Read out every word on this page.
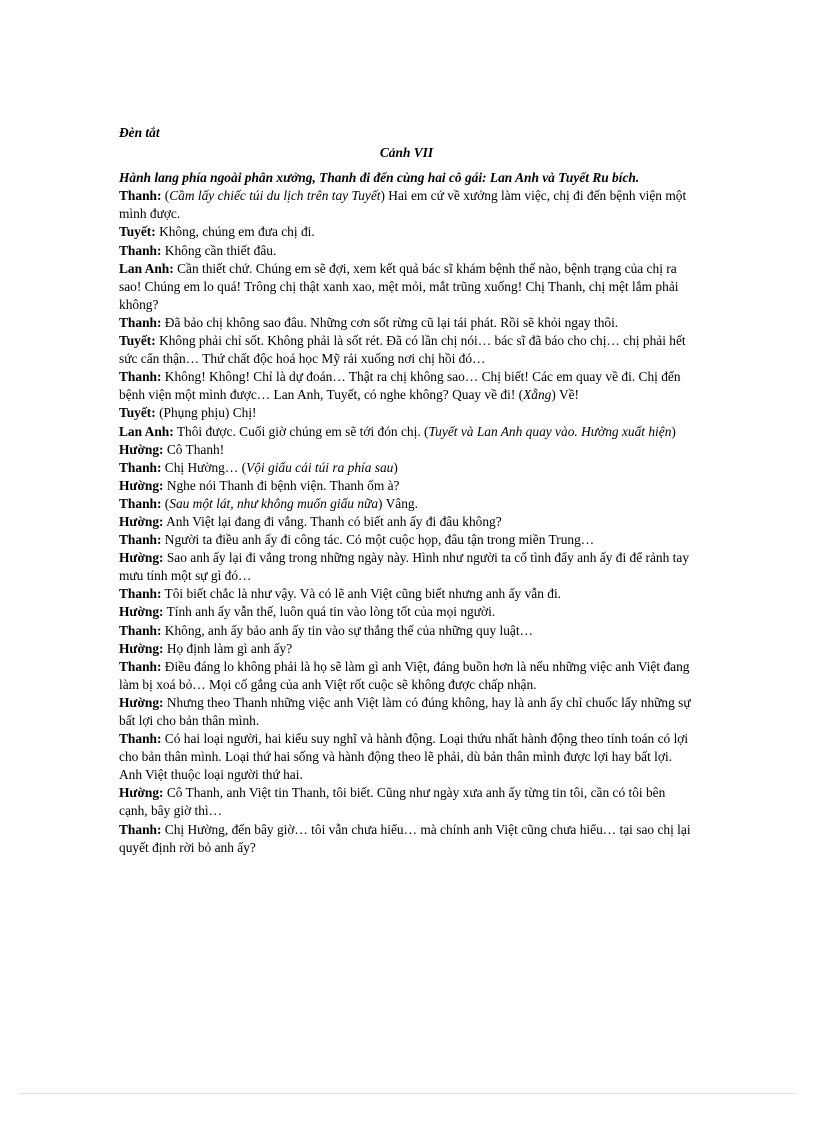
Đèn tắt

Cảnh VII

Hành lang phía ngoài phân xưởng, Thanh đi đến cùng hai cô gái: Lan Anh và Tuyết Ru bích.

Thanh: (Cầm lấy chiếc túi du lịch trên tay Tuyết) Hai em cứ về xưởng làm việc, chị đi đến bệnh viện một mình được.

Tuyết: Không, chúng em đưa chị đi.

Thanh: Không cần thiết đâu.

Lan Anh: Cần thiết chứ. Chúng em sẽ đợi, xem kết quả bác sĩ khám bệnh thế nào, bệnh trạng của chị ra sao! Chúng em lo quá! Trông chị thật xanh xao, mệt mỏi, mắt trũng xuống! Chị Thanh, chị mệt lắm phải không?

Thanh: Đã bảo chị không sao đâu. Những cơn sốt rừng cũ lại tái phát. Rồi sẽ khỏi ngay thôi.

Tuyết: Không phải chỉ sốt. Không phải là sốt rét. Đã có lần chị nói… bác sĩ đã báo cho chị… chị phải hết sức cẩn thận… Thứ chất độc hoá học Mỹ rải xuống nơi chị hồi đó…

Thanh: Không! Không! Chỉ là dự đoán… Thật ra chị không sao… Chị biết! Các em quay về đi. Chị đến bệnh viện một mình được… Lan Anh, Tuyết, có nghe không? Quay về đi! (Xẵng) Về!

Tuyết: (Phụng phịu) Chị!

Lan Anh: Thôi được. Cuối giờ chúng em sẽ tới đón chị. (Tuyết và Lan Anh quay vào. Hường xuất hiện)

Hường: Cô Thanh!

Thanh: Chị Hường… (Vội giấu cái túi ra phía sau)

Hường: Nghe nói Thanh đi bệnh viện. Thanh ốm à?

Thanh: (Sau một lát, như không muốn giấu nữa) Vâng.

Hường: Anh Việt lại đang đi vắng. Thanh có biết anh ấy đi đâu không?

Thanh: Người ta điều anh ấy đi công tác. Có một cuộc họp, đâu tận trong miền Trung…

Hường: Sao anh ấy lại đi vắng trong những ngày này. Hình như người ta cố tình đẩy anh ấy đi để rảnh tay mưu tính một sự gì đó…

Thanh: Tôi biết chắc là như vậy. Và có lẽ anh Việt cũng biết nhưng anh ấy vẫn đi.

Hường: Tính anh ấy vẫn thế, luôn quá tin vào lòng tốt của mọi người.

Thanh: Không, anh ấy bảo anh ấy tin vào sự thắng thế của những quy luật…

Hường: Họ định làm gì anh ấy?

Thanh: Điều đáng lo không phải là họ sẽ làm gì anh Việt, đáng buồn hơn là nếu những việc anh Việt đang làm bị xoá bỏ… Mọi cố gắng của anh Việt rốt cuộc sẽ không được chấp nhận.

Hường: Nhưng theo Thanh những việc anh Việt làm có đúng không, hay là anh ấy chỉ chuốc lấy những sự bất lợi cho bản thân mình.

Thanh: Có hai loại người, hai kiểu suy nghĩ và hành động. Loại thứu nhất hành động theo tính toán có lợi cho bản thân mình. Loại thứ hai sống và hành động theo lẽ phải, dù bản thân mình được lợi hay bất lợi. Anh Việt thuộc loại người thứ hai.

Hường: Cô Thanh, anh Việt tin Thanh, tôi biết. Cũng như ngày xưa anh ấy từng tin tôi, cần có tôi bên cạnh, bây giờ thì…

Thanh: Chị Hường, đến bây giờ… tôi vẫn chưa hiểu… mà chính anh Việt cũng chưa hiểu… tại sao chị lại quyết định rời bỏ anh ấy?
